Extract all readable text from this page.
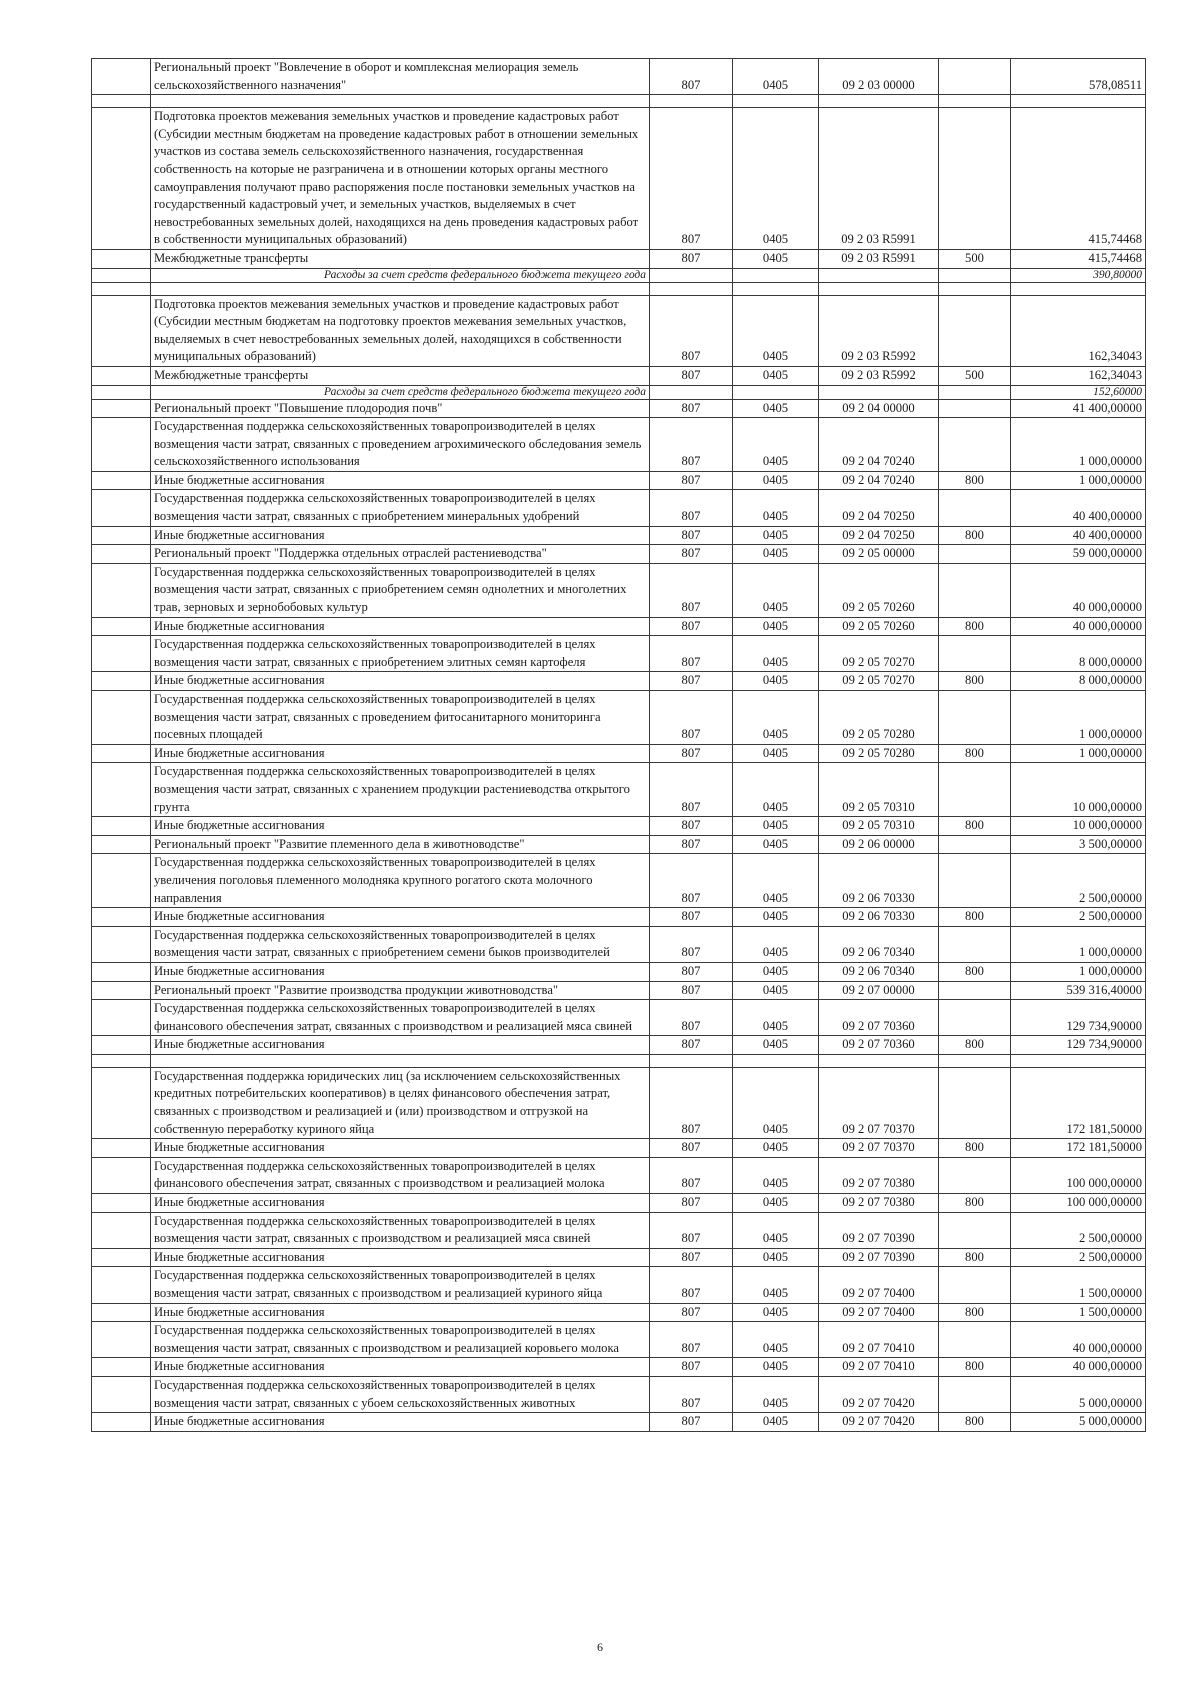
	Региональный проект "Вовлечение в оборот и комплексная мелиорация земель сельскохозяйственного назначения"	807	0405	09 2 03 00000		578,08511

	Подготовка проектов межевания земельных участков и проведение кадастровых работ (Субсидии местным бюджетам на проведение кадастровых работ в отношении земельных участков из состава земель сельскохозяйственного назначения, государственная собственность на которые не разграничена и в отношении которых органы местного самоуправления получают право распоряжения после постановки земельных участков на государственный кадастровый учет, и земельных участков, выделяемых в счет невостребованных земельных долей, находящихся на день проведения кадастровых работ в собственности муниципальных образований)	807	0405	09 2 03 R5991		415,74468
	Межбюджетные трансферты	807	0405	09 2 03 R5991	500	415,74468
	Расходы за счет средств федерального бюджета текущего года					390,80000

	Подготовка проектов межевания земельных участков и проведение кадастровых работ (Субсидии местным бюджетам на подготовку проектов межевания земельных участков, выделяемых в счет невостребованных земельных долей, находящихся в собственности муниципальных образований)	807	0405	09 2 03 R5992		162,34043
	Межбюджетные трансферты	807	0405	09 2 03 R5992	500	162,34043
	Расходы за счет средств федерального бюджета текущего года					152,60000
	Региональный проект "Повышение плодородия почв"	807	0405	09 2 04 00000		41 400,00000
	Государственная поддержка сельскохозяйственных товаропроизводителей в целях возмещения части затрат, связанных с проведением агрохимического обследования земель сельскохозяйственного использования	807	0405	09 2 04 70240		1 000,00000
	Иные бюджетные ассигнования	807	0405	09 2 04 70240	800	1 000,00000
	Государственная поддержка сельскохозяйственных товаропроизводителей в целях возмещения части затрат, связанных с приобретением минеральных удобрений	807	0405	09 2 04 70250		40 400,00000
	Иные бюджетные ассигнования	807	0405	09 2 04 70250	800	40 400,00000
	Региональный проект "Поддержка отдельных отраслей растениеводства"	807	0405	09 2 05 00000		59 000,00000
	Государственная поддержка сельскохозяйственных товаропроизводителей в целях возмещения части затрат, связанных с приобретением семян однолетних и многолетних трав, зерновых и зернобобовых культур	807	0405	09 2 05 70260		40 000,00000
	Иные бюджетные ассигнования	807	0405	09 2 05 70260	800	40 000,00000
	Государственная поддержка сельскохозяйственных товаропроизводителей в целях возмещения части затрат, связанных с приобретением элитных семян картофеля	807	0405	09 2 05 70270		8 000,00000
	Иные бюджетные ассигнования	807	0405	09 2 05 70270	800	8 000,00000
	Государственная поддержка сельскохозяйственных товаропроизводителей в целях возмещения части затрат, связанных с проведением фитосанитарного мониторинга посевных площадей	807	0405	09 2 05 70280		1 000,00000
	Иные бюджетные ассигнования	807	0405	09 2 05 70280	800	1 000,00000
	Государственная поддержка сельскохозяйственных товаропроизводителей в целях возмещения части затрат, связанных с хранением продукции растениеводства открытого грунта	807	0405	09 2 05 70310		10 000,00000
	Иные бюджетные ассигнования	807	0405	09 2 05 70310	800	10 000,00000
	Региональный проект "Развитие племенного дела в животноводстве"	807	0405	09 2 06 00000		3 500,00000
	Государственная поддержка сельскохозяйственных товаропроизводителей в целях увеличения поголовья племенного молодняка крупного рогатого скота молочного направления	807	0405	09 2 06 70330		2 500,00000
	Иные бюджетные ассигнования	807	0405	09 2 06 70330	800	2 500,00000
	Государственная поддержка сельскохозяйственных товаропроизводителей в целях возмещения части затрат, связанных с приобретением семени быков производителей	807	0405	09 2 06 70340		1 000,00000
	Иные бюджетные ассигнования	807	0405	09 2 06 70340	800	1 000,00000
	Региональный проект "Развитие производства продукции животноводства"	807	0405	09 2 07 00000		539 316,40000
	Государственная поддержка сельскохозяйственных товаропроизводителей в целях финансового обеспечения затрат, связанных с производством и реализацией мяса свиней	807	0405	09 2 07 70360		129 734,90000
	Иные бюджетные ассигнования	807	0405	09 2 07 70360	800	129 734,90000

	Государственная поддержка юридических лиц (за исключением сельскохозяйственных кредитных потребительских кооперативов) в целях финансового обеспечения затрат, связанных с производством и реализацией и (или) производством и отгрузкой на собственную переработку куриного яйца	807	0405	09 2 07 70370		172 181,50000
	Иные бюджетные ассигнования	807	0405	09 2 07 70370	800	172 181,50000
	Государственная поддержка сельскохозяйственных товаропроизводителей в целях финансового обеспечения затрат, связанных с производством и реализацией молока	807	0405	09 2 07 70380		100 000,00000
	Иные бюджетные ассигнования	807	0405	09 2 07 70380	800	100 000,00000
	Государственная поддержка сельскохозяйственных товаропроизводителей в целях возмещения части затрат, связанных с производством и реализацией мяса свиней	807	0405	09 2 07 70390		2 500,00000
	Иные бюджетные ассигнования	807	0405	09 2 07 70390	800	2 500,00000
	Государственная поддержка сельскохозяйственных товаропроизводителей в целях возмещения части затрат, связанных с производством и реализацией куриного яйца	807	0405	09 2 07 70400		1 500,00000
	Иные бюджетные ассигнования	807	0405	09 2 07 70400	800	1 500,00000
	Государственная поддержка сельскохозяйственных товаропроизводителей в целях возмещения части затрат, связанных с производством и реализацией коровьего молока	807	0405	09 2 07 70410		40 000,00000
	Иные бюджетные ассигнования	807	0405	09 2 07 70410	800	40 000,00000
	Государственная поддержка сельскохозяйственных товаропроизводителей в целях возмещения части затрат, связанных с убоем сельскохозяйственных животных	807	0405	09 2 07 70420		5 000,00000
	Иные бюджетные ассигнования	807	0405	09 2 07 70420	800	5 000,00000
6
